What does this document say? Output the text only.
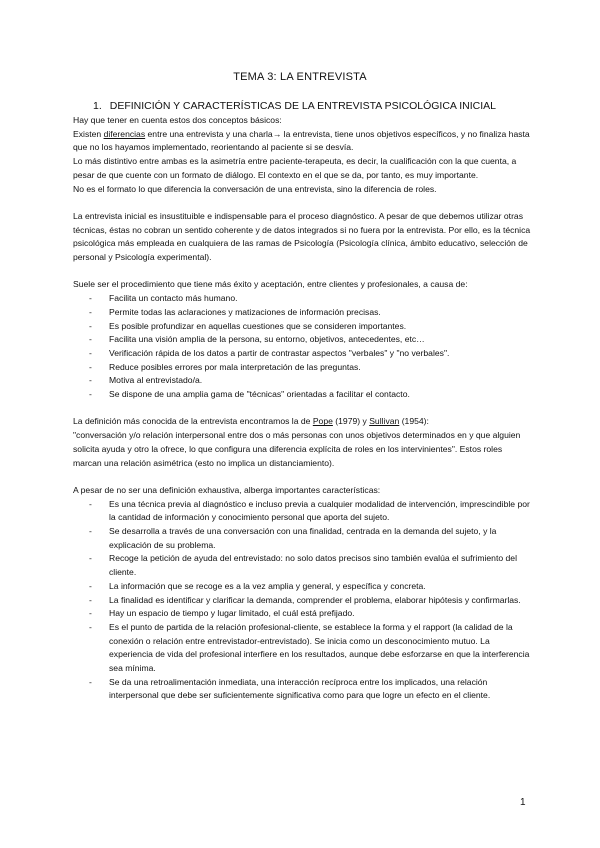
TEMA 3: LA ENTREVISTA
1. DEFINICIÓN Y CARACTERÍSTICAS DE LA ENTREVISTA PSICOLÓGICA INICIAL

Hay que tener en cuenta estos dos conceptos básicos:

Existen diferencias entre una entrevista y una charla→ la entrevista, tiene unos objetivos específicos, y no finaliza hasta que no los hayamos implementado, reorientando al paciente si se desvía.

Lo más distintivo entre ambas es la asimetría entre paciente-terapeuta, es decir, la cualificación con la que cuenta, a pesar de que cuente con un formato de diálogo. El contexto en el que se da, por tanto, es muy importante.

No es el formato lo que diferencia la conversación de una entrevista, sino la diferencia de roles.

La entrevista inicial es insustituible e indispensable para el proceso diagnóstico. A pesar de que debemos utilizar otras técnicas, éstas no cobran un sentido coherente y de datos integrados si no fuera por la entrevista. Por ello, es la técnica psicológica más empleada en cualquiera de las ramas de Psicología (Psicología clínica, ámbito educativo, selección de personal y Psicología experimental).

Suele ser el procedimiento que tiene más éxito y aceptación, entre clientes y profesionales, a causa de:

- Facilita un contacto más humano.
- Permite todas las aclaraciones y matizaciones de información precisas.
- Es posible profundizar en aquellas cuestiones que se consideren importantes.
- Facilita una visión amplia de la persona, su entorno, objetivos, antecedentes, etc…
- Verificación rápida de los datos a partir de contrastar aspectos "verbales" y "no verbales".
- Reduce posibles errores por mala interpretación de las preguntas.
- Motiva al entrevistado/a.
- Se dispone de una amplia gama de "técnicas" orientadas a facilitar el contacto.

La definición más conocida de la entrevista encontramos la de Pope (1979) y Sullivan (1954):

"conversación y/o relación interpersonal entre dos o más personas con unos objetivos determinados en y que alguien solicita ayuda y otro la ofrece, lo que configura una diferencia explícita de roles en los intervinientes". Estos roles marcan una relación asimétrica (esto no implica un distanciamiento).

A pesar de no ser una definición exhaustiva, alberga importantes características:

- Es una técnica previa al diagnóstico e incluso previa a cualquier modalidad de intervención, imprescindible por la cantidad de información y conocimiento personal que aporta del sujeto.
- Se desarrolla a través de una conversación con una finalidad, centrada en la demanda del sujeto, y la explicación de su problema.
- Recoge la petición de ayuda del entrevistado: no solo datos precisos sino también evalúa el sufrimiento del cliente.
- La información que se recoge es a la vez amplia y general, y específica y concreta.
- La finalidad es identificar y clarificar la demanda, comprender el problema, elaborar hipótesis y confirmarlas.
- Hay un espacio de tiempo y lugar limitado, el cuál está prefijado.
- Es el punto de partida de la relación profesional-cliente, se establece la forma y el rapport (la calidad de la conexión o relación entre entrevistador-entrevistado). Se inicia como un desconocimiento mutuo. La experiencia de vida del profesional interfiere en los resultados, aunque debe esforzarse en que la interferencia sea mínima.
- Se da una retroalimentación inmediata, una interacción recíproca entre los implicados, una relación interpersonal que debe ser suficientemente significativa como para que logre un efecto en el cliente.
1
